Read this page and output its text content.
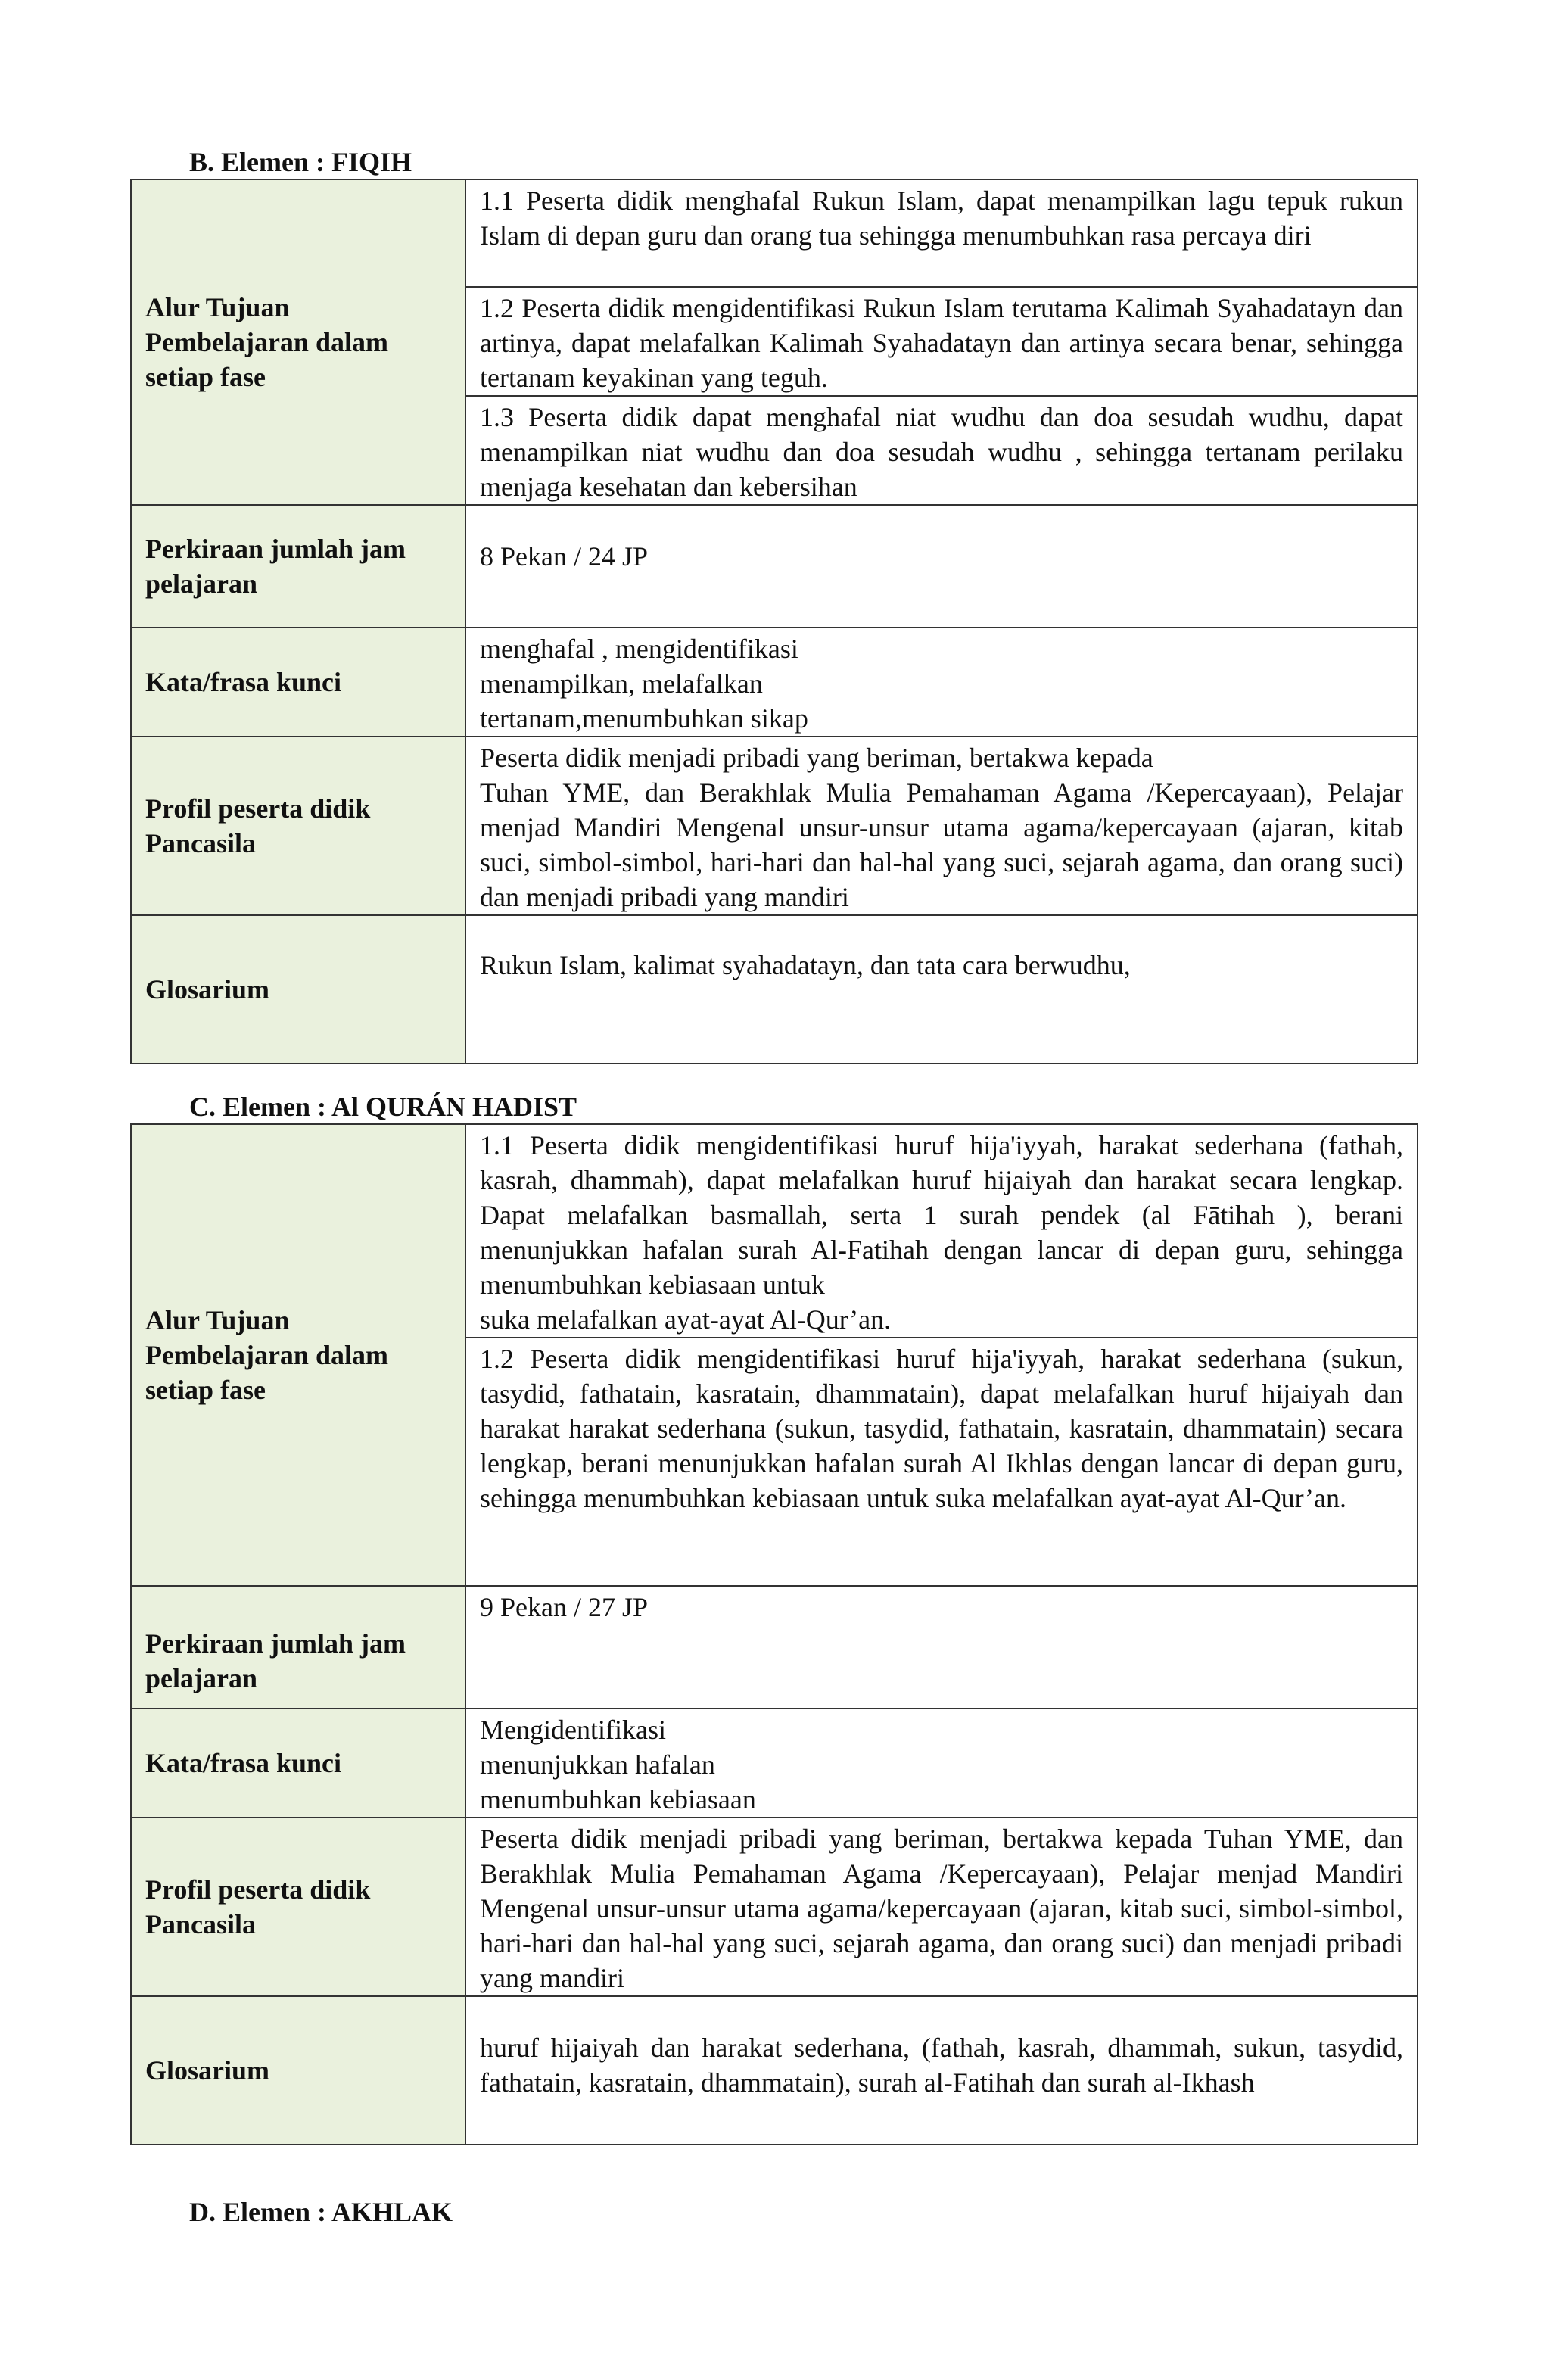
B. Elemen : FIQIH
Alur Tujuan Pembelajaran dalam setiap fase	1.1 Peserta didik menghafal Rukun Islam, dapat menampilkan lagu tepuk rukun Islam di depan guru dan orang tua sehingga menumbuhkan rasa percaya diri
	1.2 Peserta didik mengidentifikasi Rukun Islam terutama Kalimah Syahadatayn dan artinya, dapat melafalkan Kalimah Syahadatayn dan artinya secara benar, sehingga tertanam keyakinan yang teguh.
	1.3 Peserta didik dapat menghafal niat wudhu dan doa sesudah wudhu, dapat menampilkan niat wudhu dan doa sesudah wudhu , sehingga tertanam perilaku menjaga kesehatan dan kebersihan
Perkiraan jumlah jam pelajaran	8 Pekan / 24 JP
Kata/frasa kunci	menghafal , mengidentifikasi
menampilkan, melafalkan
tertanam,menumbuhkan sikap

Profil peserta didik Pancasila	Peserta didik menjadi pribadi yang beriman, bertakwa kepada
Tuhan YME, dan Berakhlak Mulia Pemahaman Agama /Kepercayaan), Pelajar menjad Mandiri Mengenal unsur-unsur utama agama/kepercayaan (ajaran, kitab suci, simbol-simbol, hari-hari dan hal-hal yang suci, sejarah agama, dan orang suci) dan menjadi pribadi yang mandiri

Glosarium	Rukun Islam, kalimat syahadatayn, dan tata cara berwudhu,
C. Elemen : Al QURÁN HADIST
Alur Tujuan Pembelajaran dalam setiap fase	1.1 Peserta didik mengidentifikasi huruf hija'iyyah, harakat sederhana (fathah, kasrah, dhammah), dapat melafalkan huruf hijaiyah dan harakat secara lengkap. Dapat melafalkan basmallah, serta 1 surah pendek (al Fātihah ), berani menunjukkan hafalan surah Al-Fatihah dengan lancar di depan guru, sehingga menumbuhkan kebiasaan untuk
suka melafalkan ayat-ayat Al-Qur’an.

	1.2 Peserta didik mengidentifikasi huruf hija'iyyah, harakat sederhana (sukun, tasydid, fathatain, kasratain, dhammatain), dapat melafalkan huruf hijaiyah dan harakat harakat sederhana (sukun, tasydid, fathatain, kasratain, dhammatain) secara lengkap, berani menunjukkan hafalan surah Al Ikhlas dengan lancar di depan guru, sehingga menumbuhkan kebiasaan untuk suka melafalkan ayat-ayat Al-Qur’an.
Perkiraan jumlah jam pelajaran	9 Pekan / 27 JP
Kata/frasa kunci	Mengidentifikasi
menunjukkan hafalan
menumbuhkan kebiasaan

Profil peserta didik Pancasila	Peserta didik menjadi pribadi yang beriman, bertakwa kepada Tuhan YME, dan Berakhlak Mulia Pemahaman Agama /Kepercayaan), Pelajar menjad Mandiri Mengenal unsur-unsur utama agama/kepercayaan (ajaran, kitab suci, simbol-simbol, hari-hari dan hal-hal yang suci, sejarah agama, dan orang suci) dan menjadi pribadi yang mandiri
Glosarium	huruf hijaiyah dan harakat sederhana, (fathah, kasrah, dhammah, sukun, tasydid, fathatain, kasratain, dhammatain), surah al-Fatihah dan surah al-Ikhash
D. Elemen : AKHLAK
